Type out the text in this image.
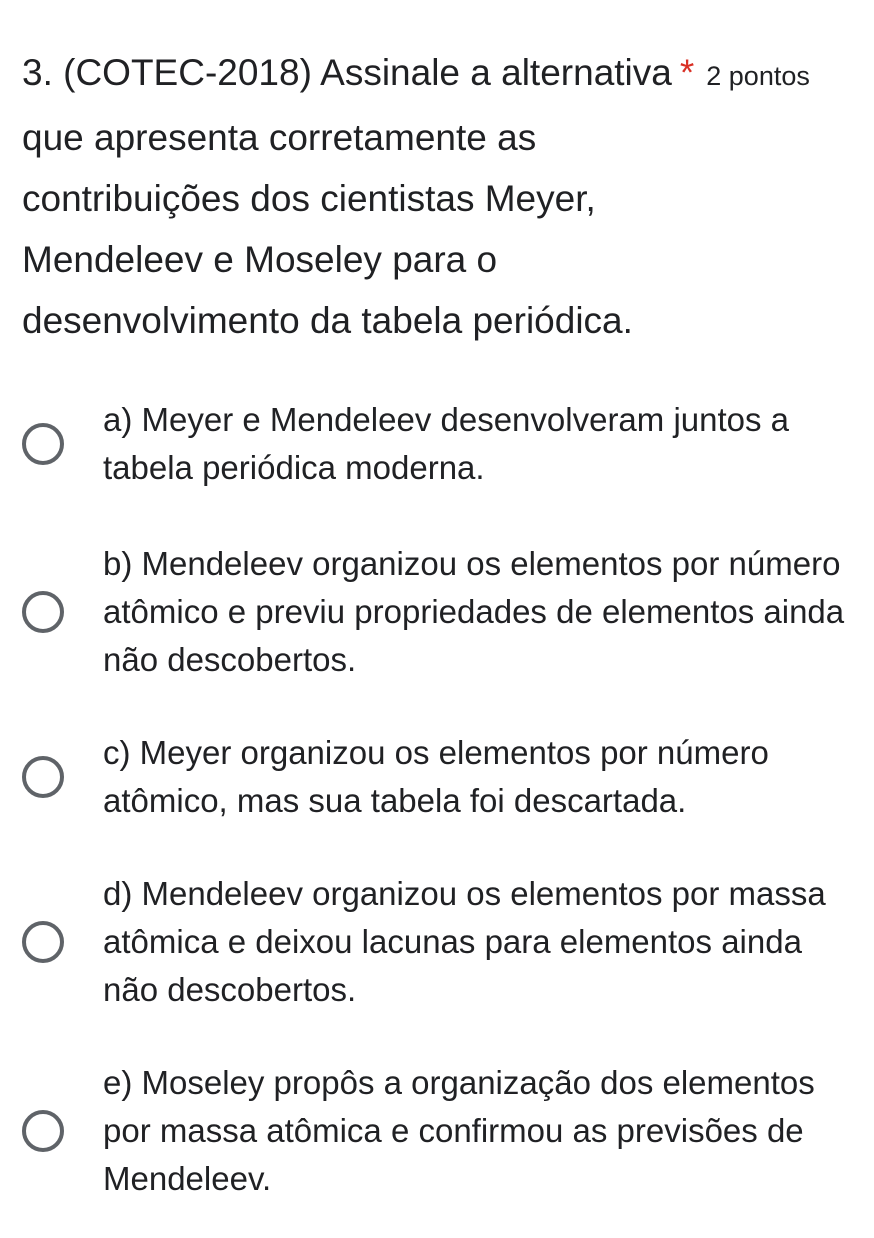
3. (COTEC-2018) Assinale a alternativa * 2 pontos
que apresenta corretamente as
contribuições dos cientistas Meyer,
Mendeleev e Moseley para o
desenvolvimento da tabela periódica.
a) Meyer e Mendeleev desenvolveram juntos a tabela periódica moderna.
b) Mendeleev organizou os elementos por número atômico e previu propriedades de elementos ainda não descobertos.
c) Meyer organizou os elementos por número atômico, mas sua tabela foi descartada.
d) Mendeleev organizou os elementos por massa atômica e deixou lacunas para elementos ainda não descobertos.
e) Moseley propôs a organização dos elementos por massa atômica e confirmou as previsões de Mendeleev.
